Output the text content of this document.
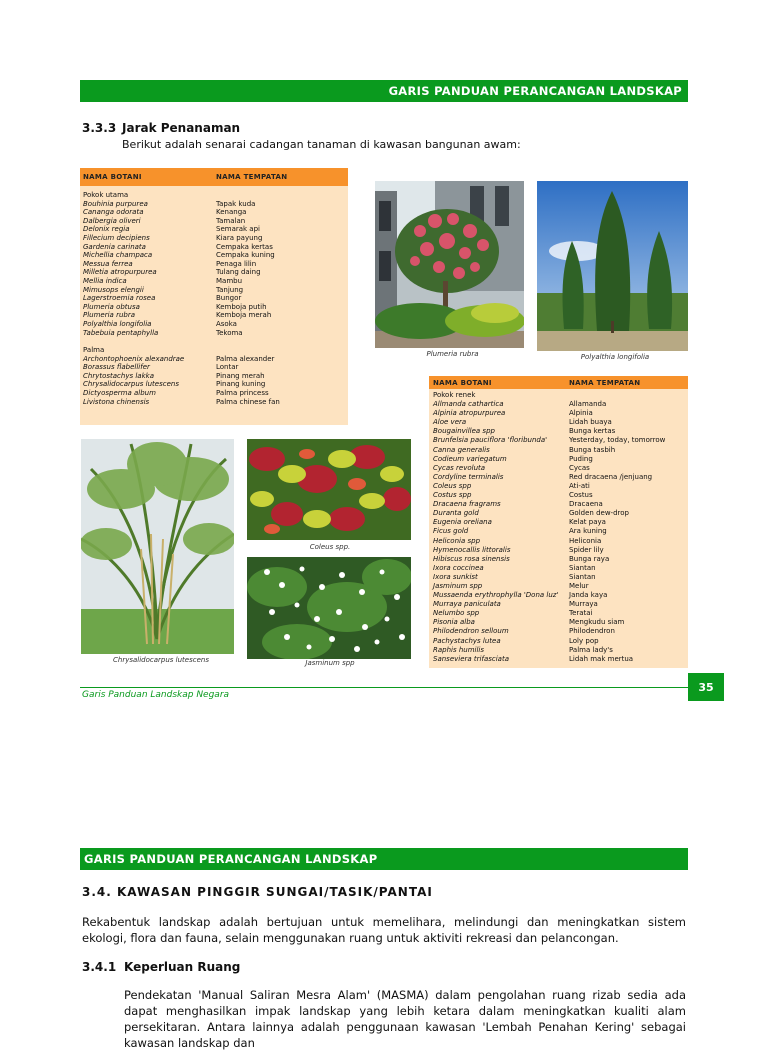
GARIS PANDUAN PERANCANGAN LANDSKAP
3.3.3 Jarak Penanaman
Berikut adalah senarai cadangan tanaman di kawasan bangunan awam:
NAMA BOTANI	NAMA TEMPATAN
Pokok utama
Bouhinia purpurea	Tapak kuda
Cananga odorata	Kenanga
Dalbergia oliveri	Tamalan
Delonix regia	Semarak api
Fillecium decipiens	Kiara payung
Gardenia carinata	Cempaka kertas
Michellia champaca	Cempaka kuning
Messua ferrea	Penaga lilin
Milletia atropurpurea	Tulang daing
Mellia indica	Mambu
Mimusops elengii	Tanjung
Lagerstroemia rosea	Bungor
Plumeria obtusa	Kemboja putih
Plumeria rubra	Kemboja merah
Polyalthia longifolia	Asoka
Tabebuia pentaphylla	Tekoma
Palma
Archontophoenix alexandrae	Palma alexander
Borassus flabellifer	Lontar
Chrytostachys lakka	Pinang merah
Chrysalidocarpus lutescens	Pinang kuning
Dictyosperma album	Palma princess
Livistona chinensis	Palma chinese fan
Plumeria rubra	Polyalthia longifolia
NAMA BOTANI	NAMA TEMPATAN
Pokok renek
Allmanda cathartica	Allamanda
Alpinia atropurpurea	Alpinia
Aloe vera	Lidah buaya
Bougainvillea spp	Bunga kertas
Brunfelsia pauciflora 'floribunda'	Yesterday, today, tomorrow
Canna generalis	Bunga tasbih
Codieum variegatum	Puding
Cycas revoluta	Cycas
Cordyline terminalis	Red dracaena /jenjuang
Coleus spp	Ati-ati
Costus spp	Costus
Dracaena fragrams	Dracaena
Duranta gold	Golden dew-drop
Eugenia oreliana	Kelat paya
Ficus gold	Ara kuning
Heliconia spp	Heliconia
Hymenocallis littoralis	Spider lily
Hibiscus rosa sinensis	Bunga raya
Ixora coccinea	Siantan
Ixora sunkist	Siantan
Jasminum spp	Melur
Mussaenda erythrophylla 'Dona luz'	Janda kaya
Murraya paniculata	Murraya
Nelumbo spp	Teratai
Pisonia alba	Mengkudu siam
Philodendron selloum	Philodendron
Pachystachys lutea	Loly pop
Raphis humilis	Palma lady's
Sanseviera trifasciata	Lidah mak mertua
Chrysalidocarpus lutescens
Coleus spp.
Jasminum spp
Garis Panduan Landskap Negara
35
GARIS PANDUAN PERANCANGAN LANDSKAP
3.4. KAWASAN PINGGIR SUNGAI/TASIK/PANTAI
Rekabentuk landskap adalah bertujuan untuk memelihara, melindungi dan meningkatkan sistem ekologi, flora dan fauna, selain menggunakan ruang untuk aktiviti rekreasi dan pelancongan.
3.4.1 Keperluan Ruang
Pendekatan 'Manual Saliran Mesra Alam' (MASMA) dalam pengolahan ruang rizab sedia ada dapat menghasilkan impak landskap yang lebih ketara dalam meningkatkan kualiti alam persekitaran. Antara lainnya adalah penggunaan kawasan 'Lembah Penahan Kering' sebagai kawasan landskap dan
